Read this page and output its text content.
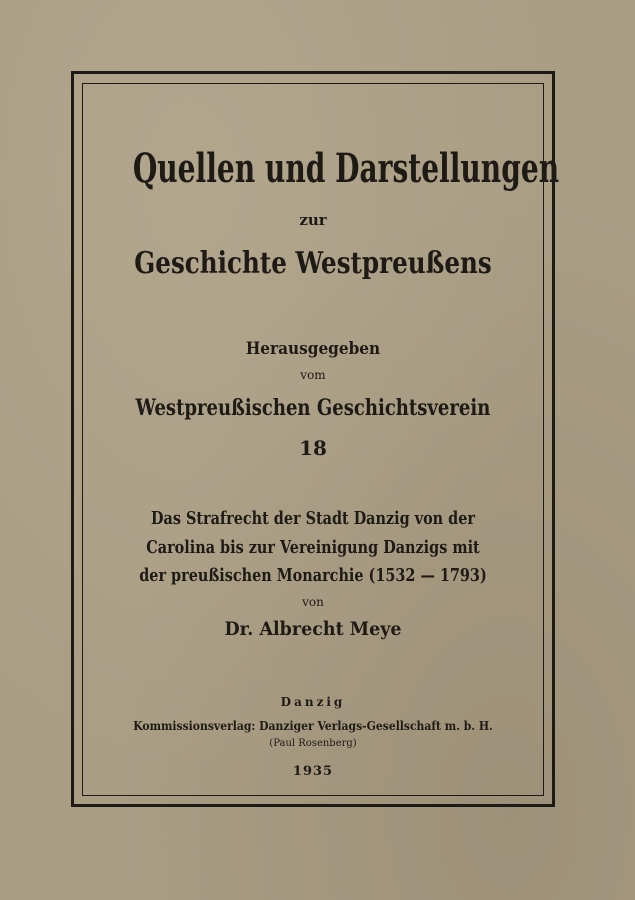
Quellen und Darstellungen
zur
Geschichte Westpreußens
Herausgegeben
vom
Westpreußischen Geschichtsverein
18
Das Strafrecht der Stadt Danzig von der
Carolina bis zur Vereinigung Danzigs mit
der preußischen Monarchie (1532 — 1793)
von
Dr. Albrecht Meye
Danzig
Kommissionsverlag: Danziger Verlags-Gesellschaft m. b. H.
(Paul Rosenberg)
1935
